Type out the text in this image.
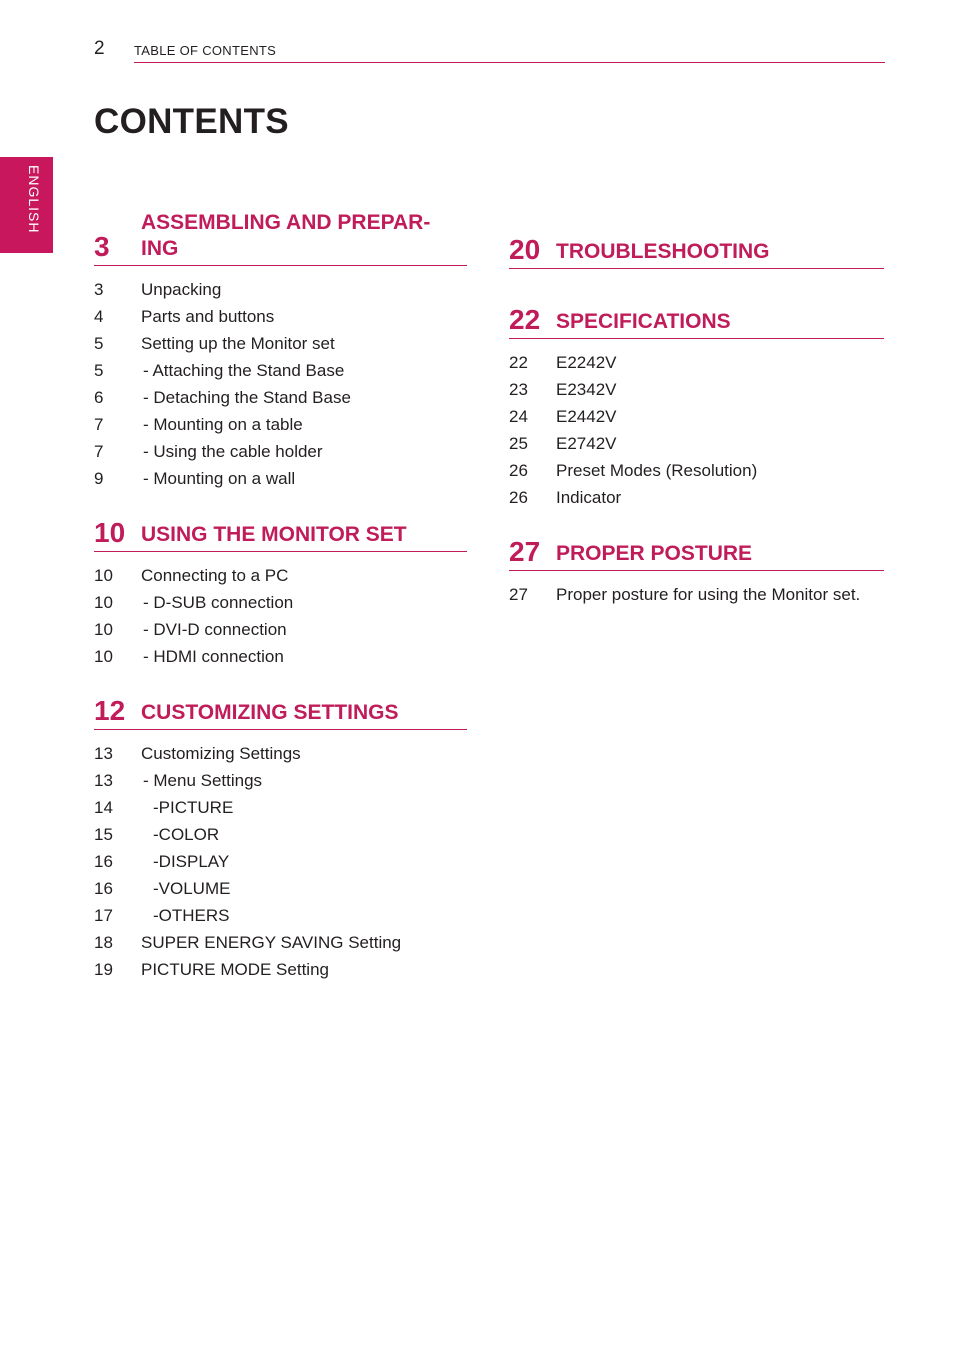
2 TABLE OF CONTENTS
ENGLISH
CONTENTS
3
ASSEMBLING AND PREPAR-
ING
3	Unpacking
4	Parts and buttons
5	Setting up the Monitor set
5	- Attaching the Stand Base
6	- Detaching the Stand Base
7	- Mounting on a table
7	- Using the cable holder
9	- Mounting on a wall
10 USING THE MONITOR SET
10	Connecting to a PC
10	- D-SUB connection
10	- DVI-D connection
10	- HDMI connection
12 CUSTOMIZING SETTINGS
13	Customizing Settings
13	- Menu Settings
14	-PICTURE
15	-COLOR
16	-DISPLAY
16	-VOLUME
17	-OTHERS
18	SUPER ENERGY SAVING Setting
19	PICTURE MODE Setting
20 TROUBLESHOOTING
22 SPECIFICATIONS
22	E2242V
23	E2342V
24	E2442V
25	E2742V
26	Preset Modes (Resolution)
26	Indicator
27 PROPER POSTURE
27	Proper posture for using the Monitor set.
